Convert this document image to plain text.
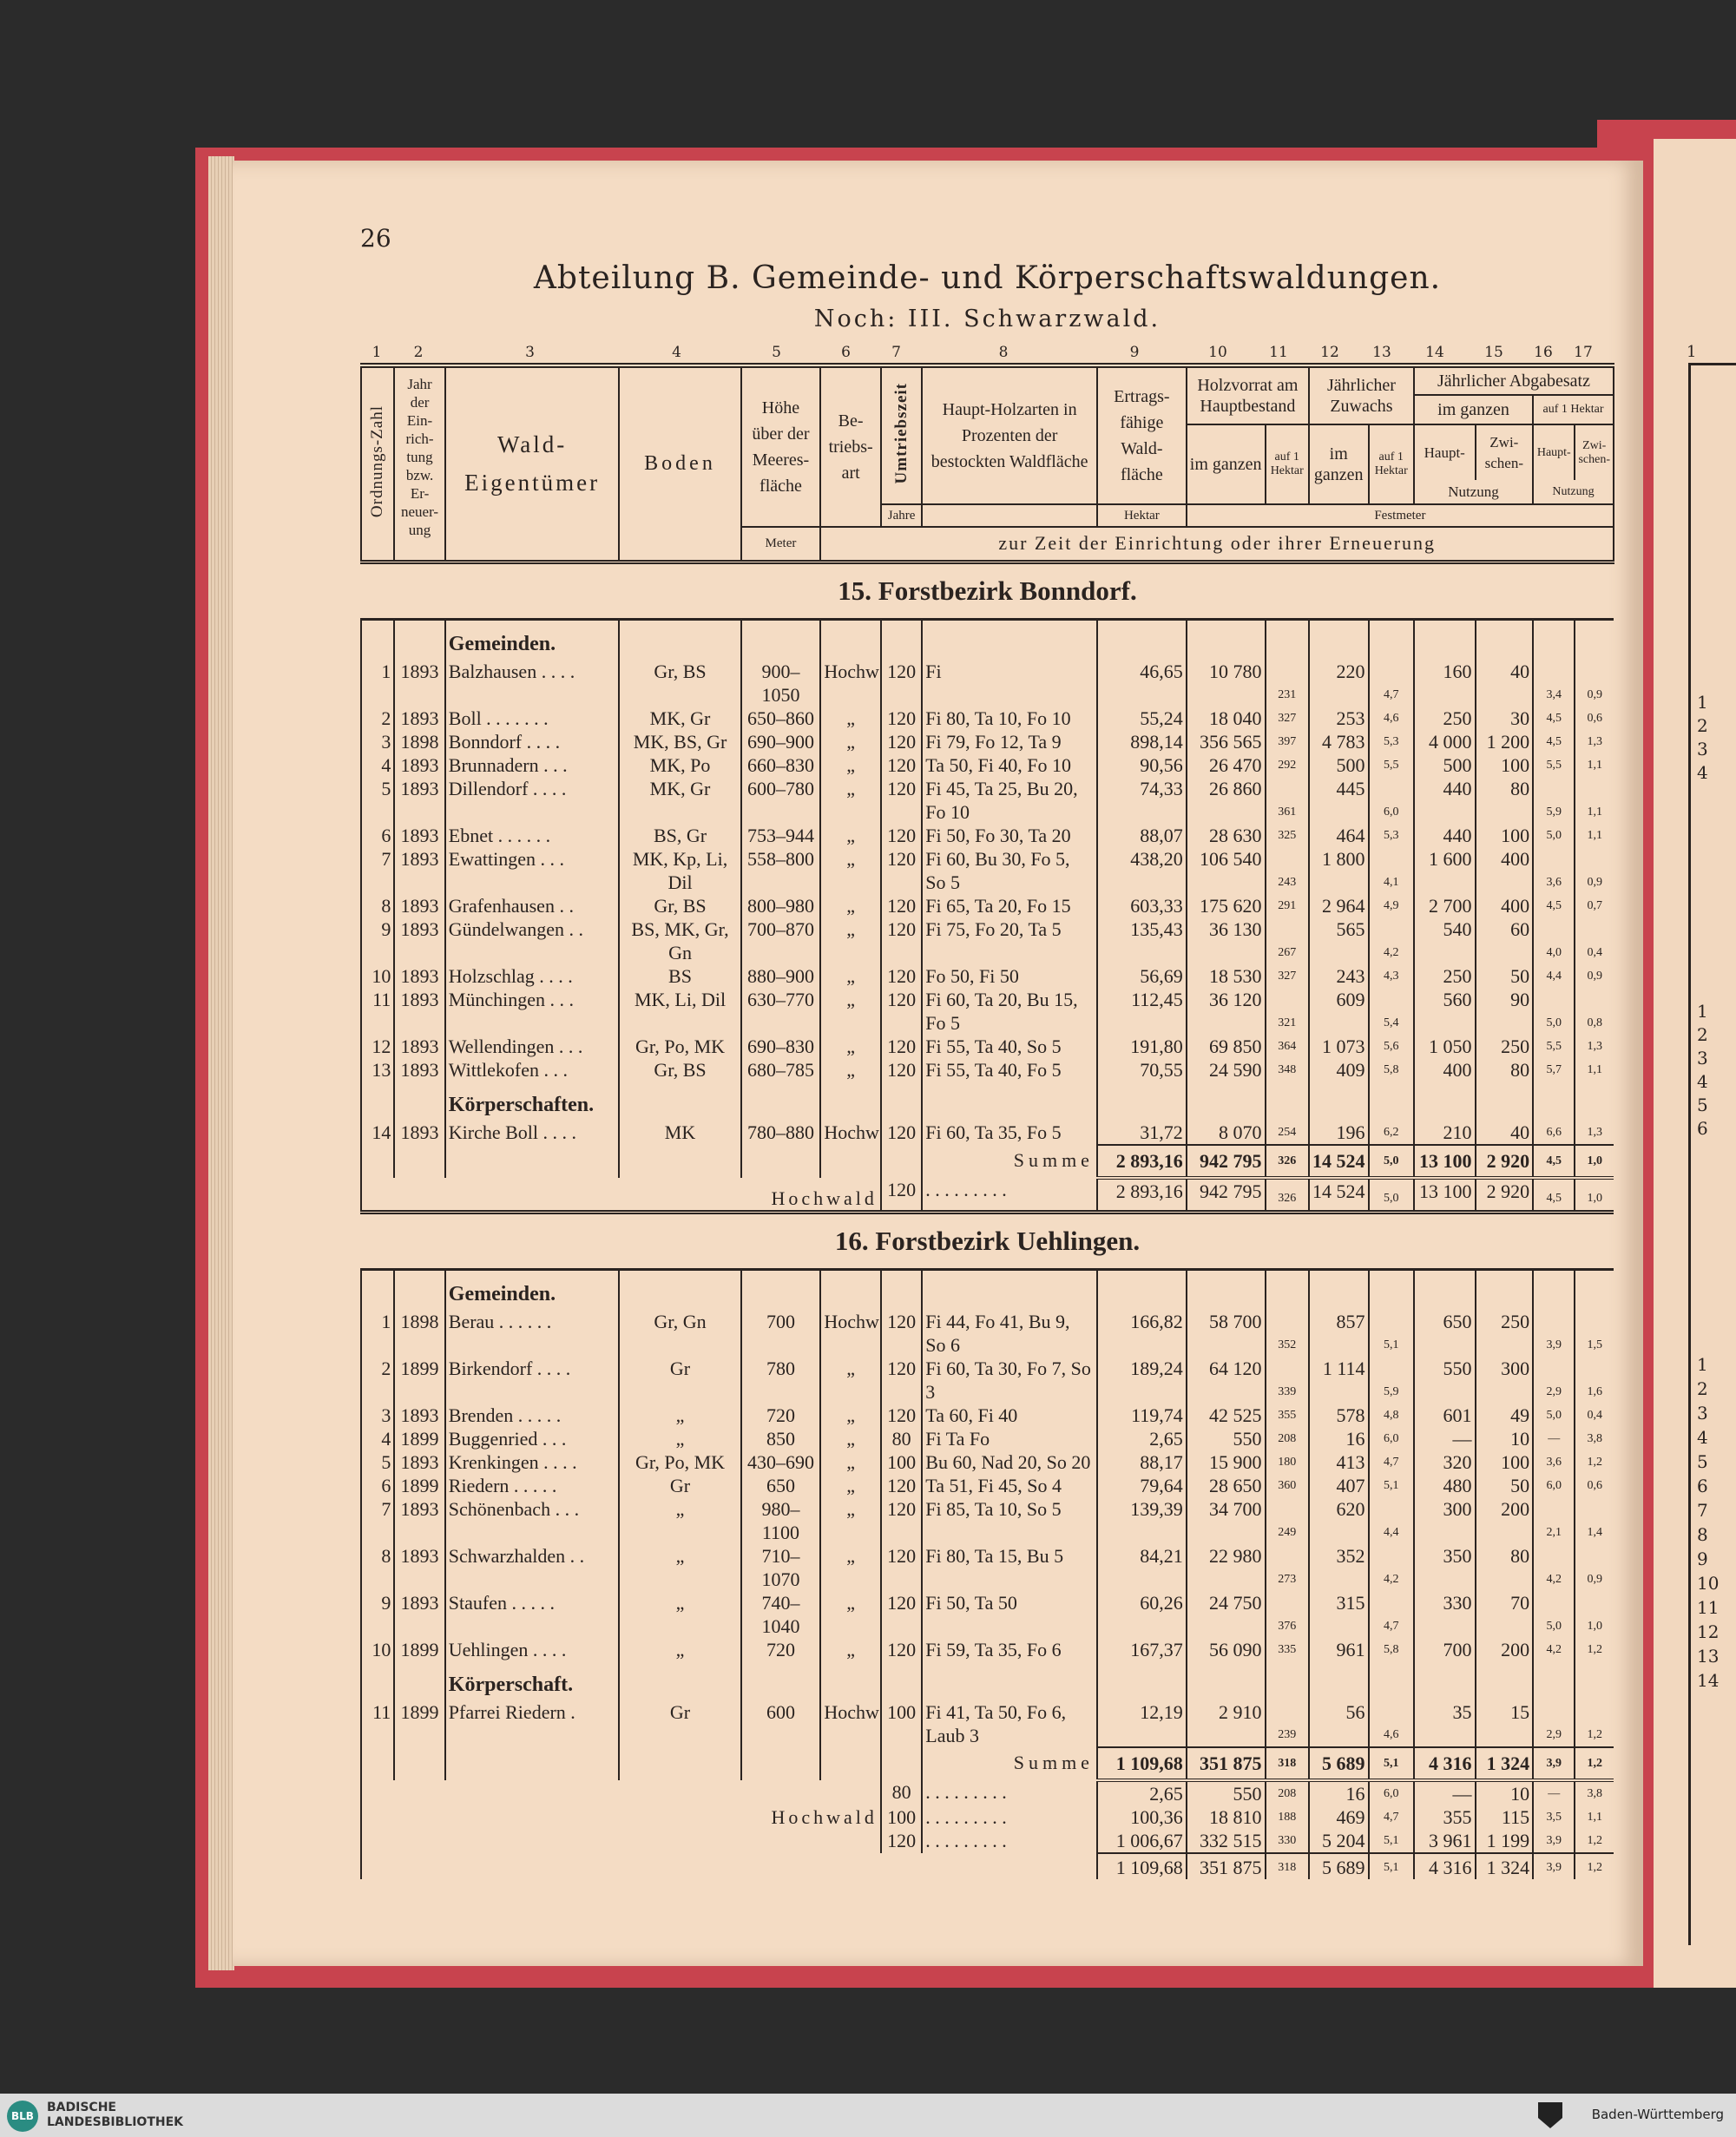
1
1
2
3
4
1
2
3
4
5
6
1
2
3
4
5
6
7
8
9
10
11
12
13
14
26
Abteilung B. Gemeinde- und Körperschaftswaldungen.
Noch: III. Schwarzwald.
1	2	3	4	5	6	7	8	9	10	11	12	13	14	15	16	17
Ordnungs-Zahl	Jahr der Ein-rich-tung bzw. Er-neuer-ung	Wald-Eigentümer	Boden	Höhe über der Meeres-fläche	Be-triebs-art	Umtriebszeit	Haupt-Holzarten in Prozenten der bestockten Waldfläche	Ertrags-fähige Wald-fläche	Holzvorrat am Hauptbestand		Jährlicher Zuwachs		Jährlicher Abgabesatz			
													im ganzen		auf 1 Hektar	
									im ganzen	auf 1 Hektar	im ganzen	auf 1 Hektar	Haupt-	Zwi-schen-	Haupt-	Zwi-schen-
													Nutzung		Nutzung	
						Jahre		Hektar	Festmeter							
				Meter	zur Zeit der Einrichtung oder ihrer Erneuerung											
15. Forstbezirk Bonndorf.																
		Gemeinden.														
1	1893	Balzhausen . . . .	Gr, BS	900–1050	Hochw	120	Fi	46,65	10 780	231	220	4,7	160	40	3,4	0,9
2	1893	Boll . . . . . . .	MK, Gr	650–860	„	120	Fi 80, Ta 10, Fo 10	55,24	18 040	327	253	4,6	250	30	4,5	0,6
3	1898	Bonndorf . . . .	MK, BS, Gr	690–900	„	120	Fi 79, Fo 12, Ta 9	898,14	356 565	397	4 783	5,3	4 000	1 200	4,5	1,3
4	1893	Brunnadern . . .	MK, Po	660–830	„	120	Ta 50, Fi 40, Fo 10	90,56	26 470	292	500	5,5	500	100	5,5	1,1
5	1893	Dillendorf . . . .	MK, Gr	600–780	„	120	Fi 45, Ta 25, Bu 20, Fo 10	74,33	26 860	361	445	6,0	440	80	5,9	1,1
6	1893	Ebnet . . . . . .	BS, Gr	753–944	„	120	Fi 50, Fo 30, Ta 20	88,07	28 630	325	464	5,3	440	100	5,0	1,1
7	1893	Ewattingen . . .	MK, Kp, Li, Dil	558–800	„	120	Fi 60, Bu 30, Fo 5, So 5	438,20	106 540	243	1 800	4,1	1 600	400	3,6	0,9
8	1893	Grafenhausen . .	Gr, BS	800–980	„	120	Fi 65, Ta 20, Fo 15	603,33	175 620	291	2 964	4,9	2 700	400	4,5	0,7
9	1893	Gündelwangen . .	BS, MK, Gr, Gn	700–870	„	120	Fi 75, Fo 20, Ta 5	135,43	36 130	267	565	4,2	540	60	4,0	0,4
10	1893	Holzschlag . . . .	BS	880–900	„	120	Fo 50, Fi 50	56,69	18 530	327	243	4,3	250	50	4,4	0,9
11	1893	Münchingen . . .	MK, Li, Dil	630–770	„	120	Fi 60, Ta 20, Bu 15, Fo 5	112,45	36 120	321	609	5,4	560	90	5,0	0,8
12	1893	Wellendingen . . .	Gr, Po, MK	690–830	„	120	Fi 55, Ta 40, So 5	191,80	69 850	364	1 073	5,6	1 050	250	5,5	1,3
13	1893	Wittlekofen . . .	Gr, BS	680–785	„	120	Fi 55, Ta 40, Fo 5	70,55	24 590	348	409	5,8	400	80	5,7	1,1
		Körperschaften.														
14	1893	Kirche Boll . . . .	MK	780–880	Hochw	120	Fi 60, Ta 35, Fo 5	31,72	8 070	254	196	6,2	210	40	6,6	1,3
							Summe	2 893,16	942 795	326	14 524	5,0	13 100	2 920	4,5	1,0
Hochwald						120	. . . . . . . . .	2 893,16	942 795	326	14 524	5,0	13 100	2 920	4,5	1,0
16. Forstbezirk Uehlingen.																
		Gemeinden.														
1	1898	Berau . . . . . .	Gr, Gn	700	Hochw	120	Fi 44, Fo 41, Bu 9, So 6	166,82	58 700	352	857	5,1	650	250	3,9	1,5
2	1899	Birkendorf . . . .	Gr	780	„	120	Fi 60, Ta 30, Fo 7, So 3	189,24	64 120	339	1 114	5,9	550	300	2,9	1,6
3	1893	Brenden . . . . .	„	720	„	120	Ta 60, Fi 40	119,74	42 525	355	578	4,8	601	49	5,0	0,4
4	1899	Buggenried . . .	„	850	„	80	Fi Ta Fo	2,65	550	208	16	6,0	—	10	—	3,8
5	1893	Krenkingen . . . .	Gr, Po, MK	430–690	„	100	Bu 60, Nad 20, So 20	88,17	15 900	180	413	4,7	320	100	3,6	1,2
6	1899	Riedern . . . . .	Gr	650	„	120	Ta 51, Fi 45, So 4	79,64	28 650	360	407	5,1	480	50	6,0	0,6
7	1893	Schönenbach . . .	„	980–1100	„	120	Fi 85, Ta 10, So 5	139,39	34 700	249	620	4,4	300	200	2,1	1,4
8	1893	Schwarzhalden . .	„	710–1070	„	120	Fi 80, Ta 15, Bu 5	84,21	22 980	273	352	4,2	350	80	4,2	0,9
9	1893	Staufen . . . . .	„	740–1040	„	120	Fi 50, Ta 50	60,26	24 750	376	315	4,7	330	70	5,0	1,0
10	1899	Uehlingen . . . .	„	720	„	120	Fi 59, Ta 35, Fo 6	167,37	56 090	335	961	5,8	700	200	4,2	1,2
		Körperschaft.														
11	1899	Pfarrei Riedern .	Gr	600	Hochw	100	Fi 41, Ta 50, Fo 6, Laub 3	12,19	2 910	239	56	4,6	35	15	2,9	1,2
							Summe	1 109,68	351 875	318	5 689	5,1	4 316	1 324	3,9	1,2
						80	. . . . . . . . .	2,65	550	208	16	6,0	—	10	—	3,8
Hochwald						100	. . . . . . . . .	100,36	18 810	188	469	4,7	355	115	3,5	1,1
						120	. . . . . . . . .	1 006,67	332 515	330	5 204	5,1	3 961	1 199	3,9	1,2
								1 109,68	351 875	318	5 689	5,1	4 316	1 324	3,9	1,2
BLB
BADISCHE
LANDESBIBLIOTHEK	Baden-Württemberg
